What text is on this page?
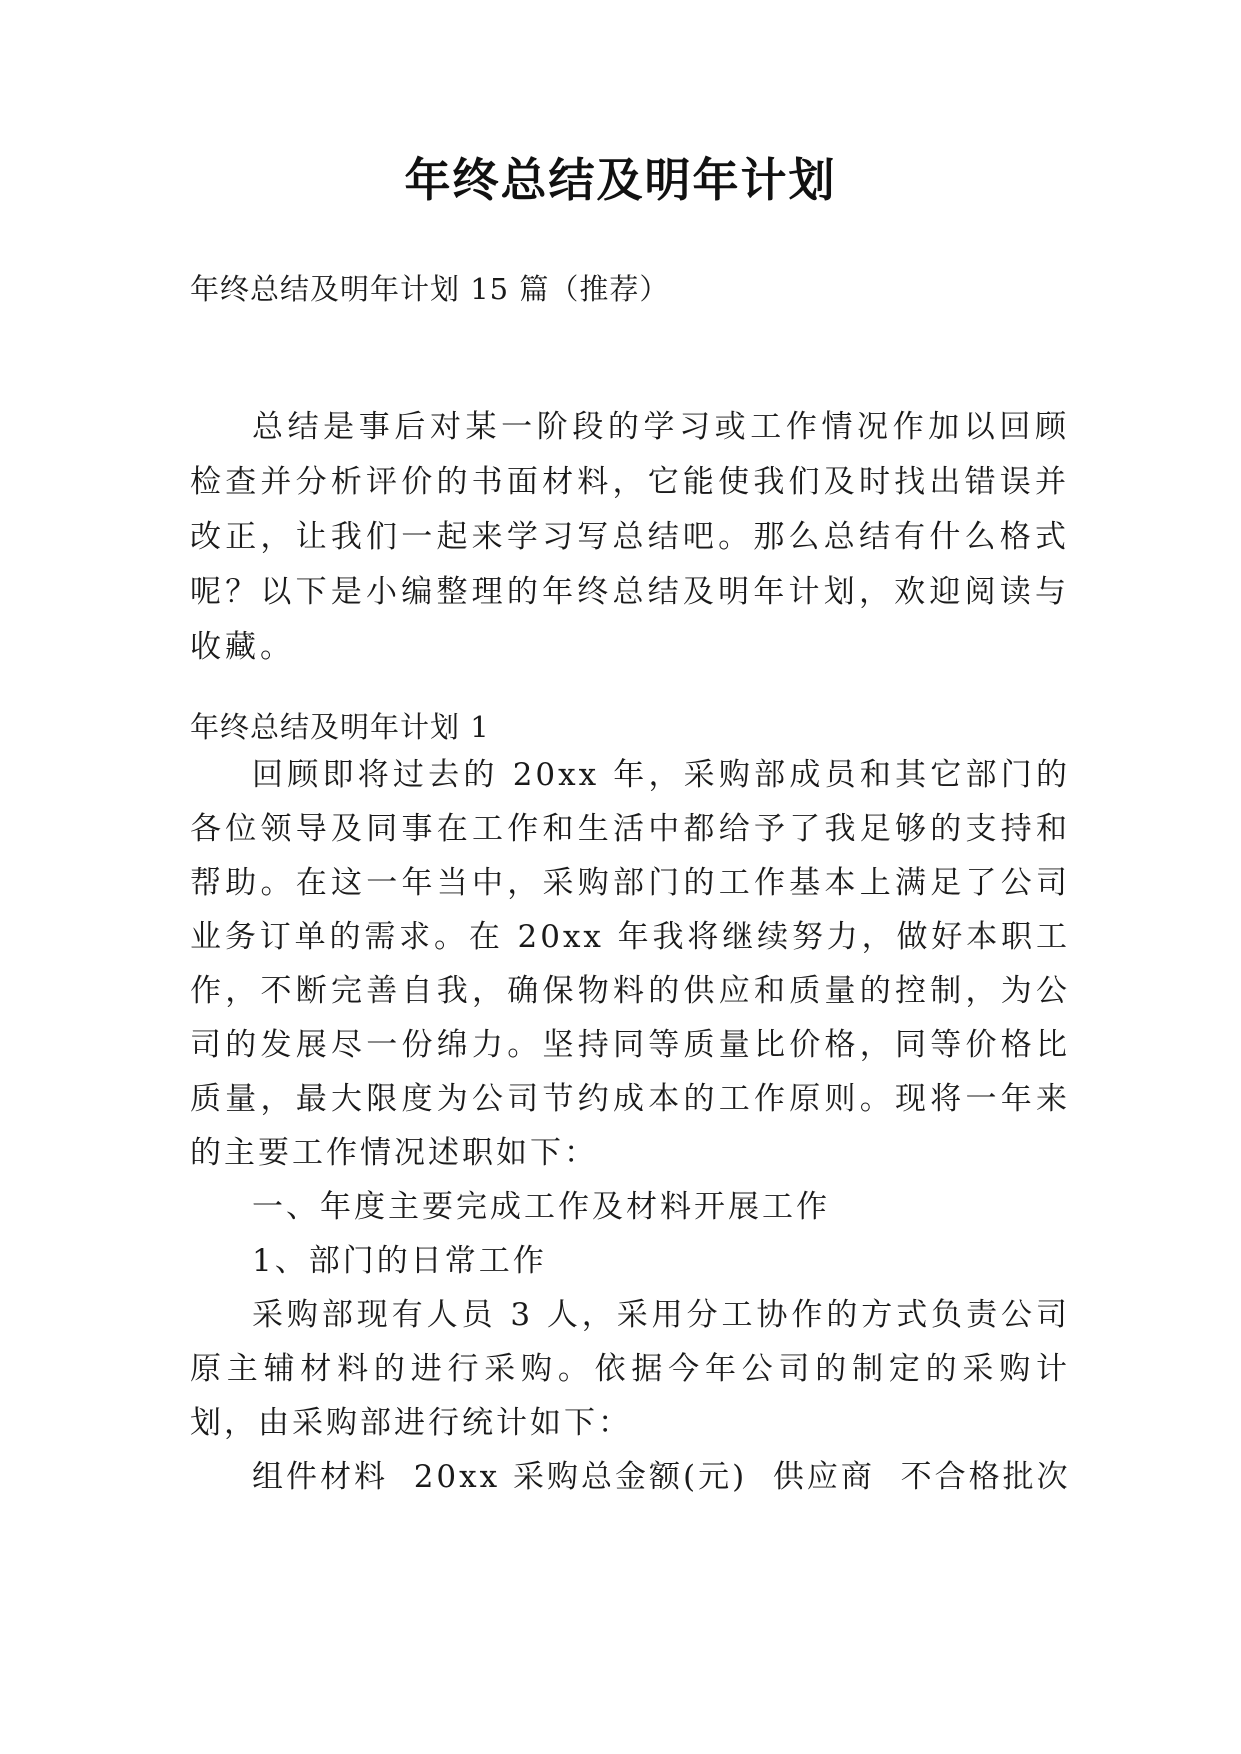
年终总结及明年计划

年终总结及明年计划 15 篇（推荐）

总结是事后对某一阶段的学习或工作情况作加以回顾检查并分析评价的书面材料，它能使我们及时找出错误并改正，让我们一起来学习写总结吧。那么总结有什么格式呢？以下是小编整理的年终总结及明年计划，欢迎阅读与收藏。

年终总结及明年计划 1

回顾即将过去的 20xx 年，采购部成员和其它部门的各位领导及同事在工作和生活中都给予了我足够的支持和帮助。在这一年当中，采购部门的工作基本上满足了公司业务订单的需求。在 20xx 年我将继续努力，做好本职工作，不断完善自我，确保物料的供应和质量的控制，为公司的发展尽一份绵力。坚持同等质量比价格，同等价格比质量，最大限度为公司节约成本的工作原则。现将一年来的主要工作情况述职如下：

一、年度主要完成工作及材料开展工作

1、部门的日常工作

采购部现有人员 3 人，采用分工协作的方式负责公司原主辅材料的进行采购。依据今年公司的制定的采购计划，由采购部进行统计如下：

组件材料  20xx 采购总金额(元)  供应商  不合格批次
